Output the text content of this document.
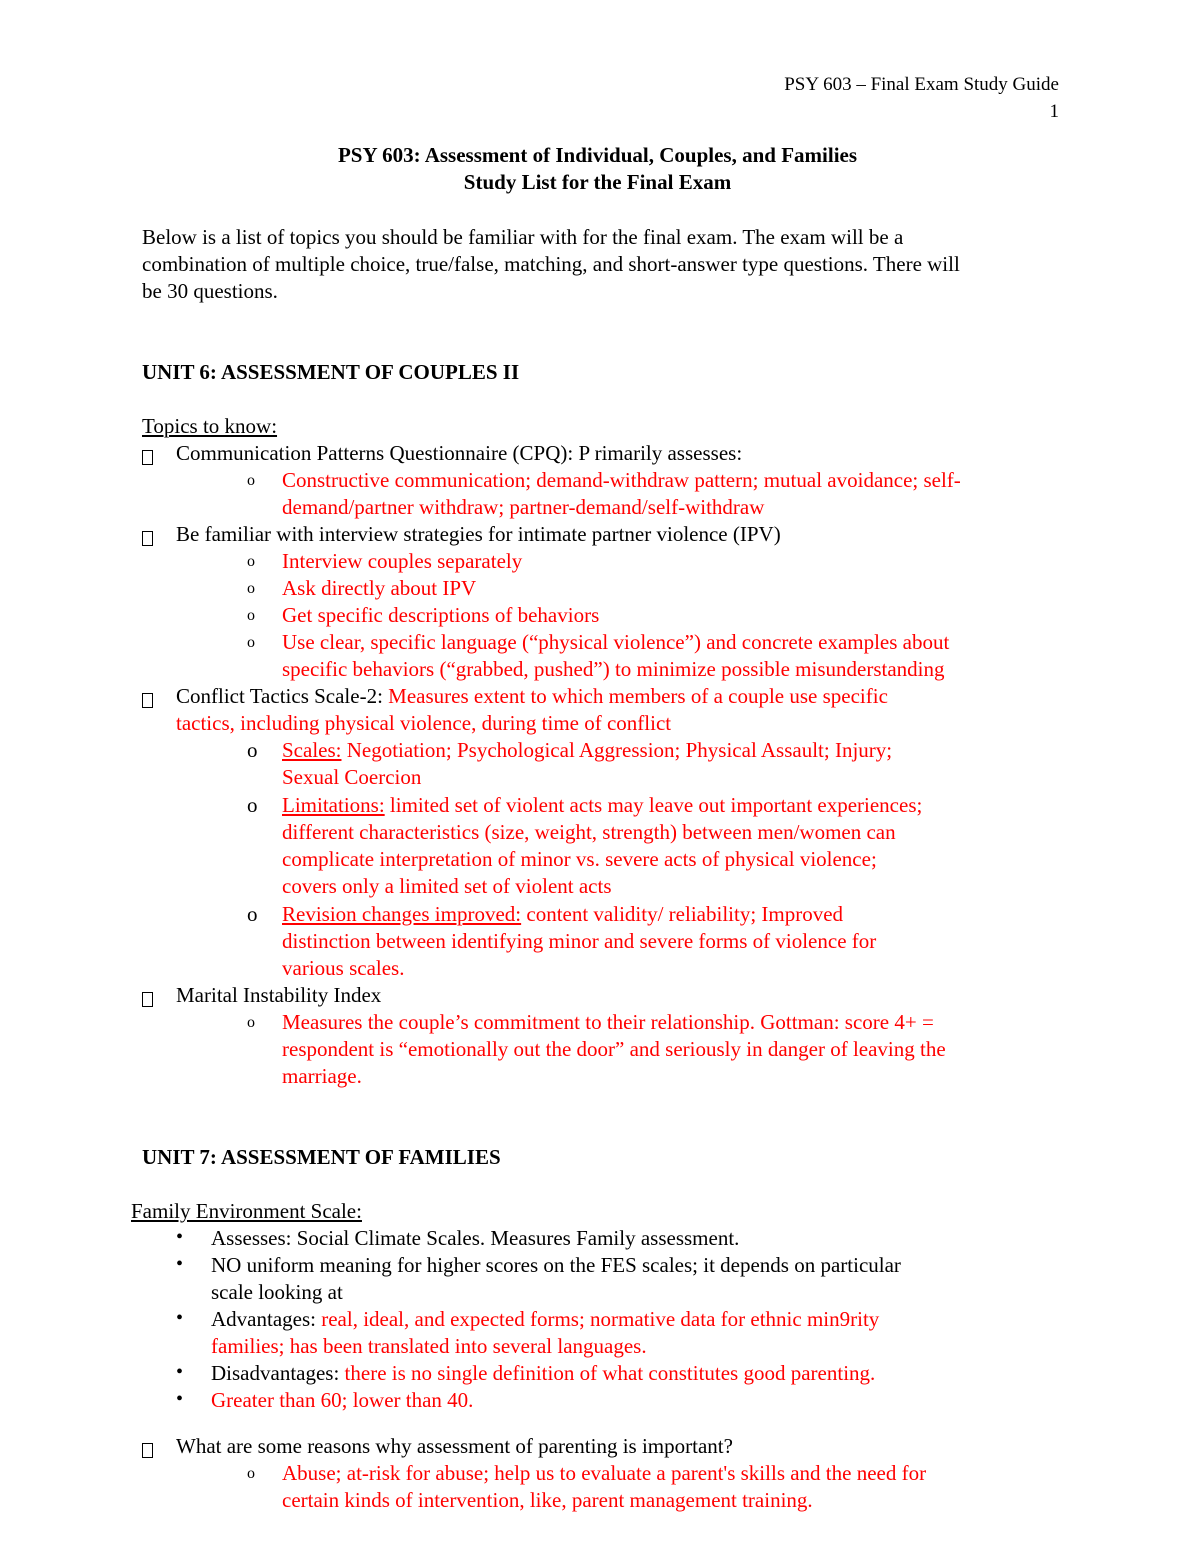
PSY 603 – Final Exam Study Guide
1
PSY 603: Assessment of Individual, Couples, and Families
Study List for the Final Exam
Below is a list of topics you should be familiar with for the final exam. The exam will be a
combination of multiple choice, true/false, matching, and short-answer type questions. There will
be 30 questions.
UNIT 6: ASSESSMENT OF COUPLES II
Topics to know:
Communication Patterns Questionnaire (CPQ): P rimarily assesses:
o Constructive communication; demand-withdraw pattern; mutual avoidance; self-
demand/partner withdraw; partner-demand/self-withdraw
Be familiar with interview strategies for intimate partner violence (IPV)
o Interview couples separately
o Ask directly about IPV
o Get specific descriptions of behaviors
o Use clear, specific language (“physical violence”) and concrete examples about
specific behaviors (“grabbed, pushed”) to minimize possible misunderstanding
Conflict Tactics Scale-2: Measures extent to which members of a couple use specific
tactics, including physical violence, during time of conflict
o Scales: Negotiation; Psychological Aggression; Physical Assault; Injury;
Sexual Coercion
o Limitations: limited set of violent acts may leave out important experiences;
different characteristics (size, weight, strength) between men/women can
complicate interpretation of minor vs. severe acts of physical violence;
covers only a limited set of violent acts
o Revision changes improved: content validity/ reliability; Improved
distinction between identifying minor and severe forms of violence for
various scales.
Marital Instability Index
o Measures the couple’s commitment to their relationship. Gottman: score 4+ =
respondent is “emotionally out the door” and seriously in danger of leaving the
marriage.
UNIT 7: ASSESSMENT OF FAMILIES
Family Environment Scale:
• Assesses: Social Climate Scales. Measures Family assessment.
• NO uniform meaning for higher scores on the FES scales; it depends on particular
scale looking at
• Advantages: real, ideal, and expected forms; normative data for ethnic min9rity
families; has been translated into several languages.
• Disadvantages: there is no single definition of what constitutes good parenting.
• Greater than 60; lower than 40.
What are some reasons why assessment of parenting is important?
o Abuse; at-risk for abuse; help us to evaluate a parent's skills and the need for
certain kinds of intervention, like, parent management training.
